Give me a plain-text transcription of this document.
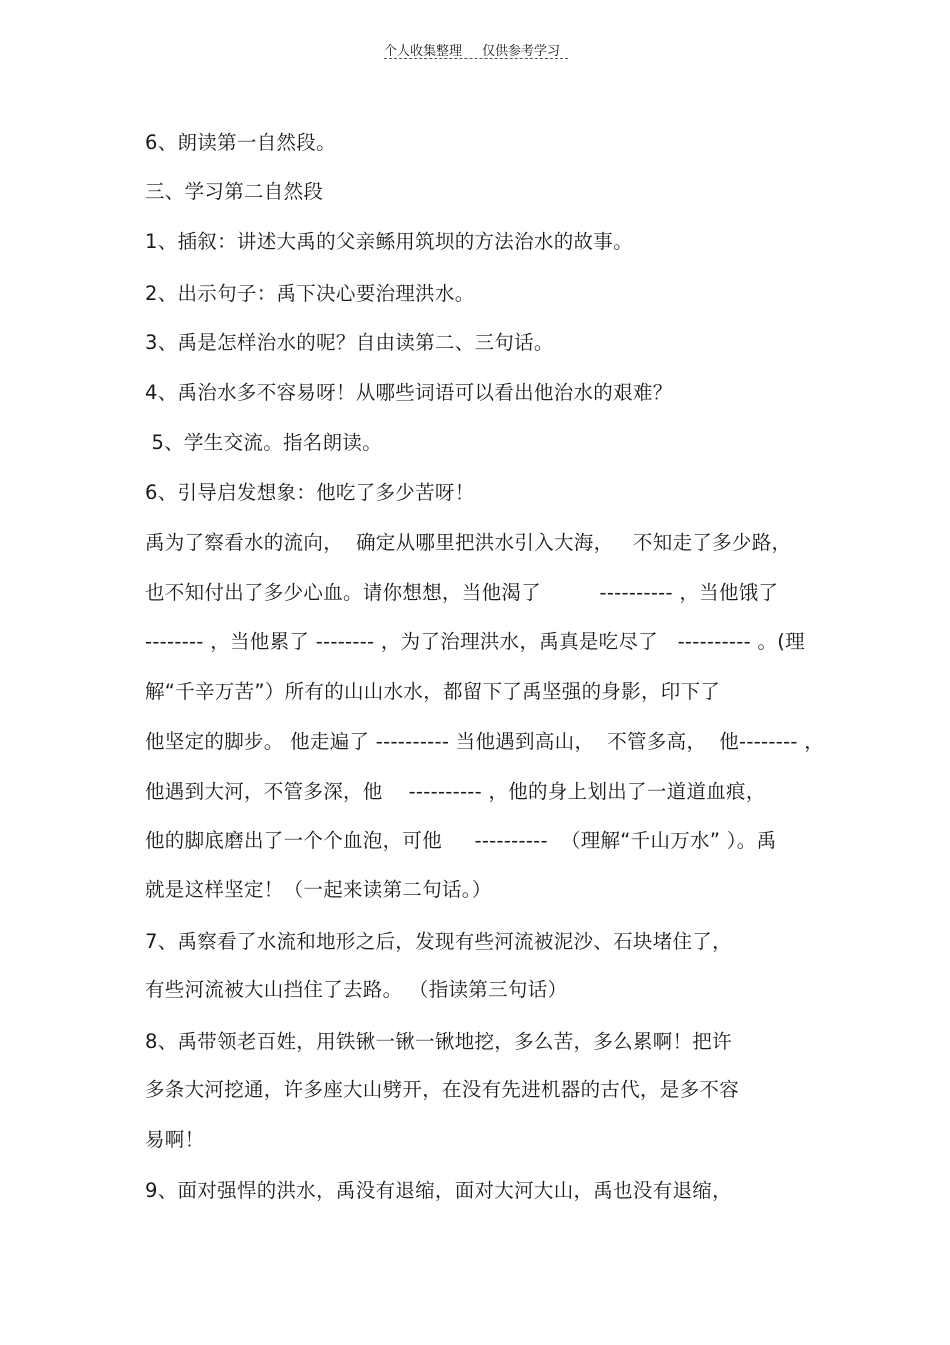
个人收集整理 仅供参考学习
6、朗读第一自然段。
三、学习第二自然段
1、插叙：讲述大禹的父亲鲧用筑坝的方法治水的故事。
2、出示句子：禹下决心要治理洪水。
3、禹是怎样治水的呢？自由读第二、三句话。
4、禹治水多不容易呀！从哪些词语可以看出他治水的艰难？
5、学生交流。指名朗读。
6、引导启发想象：他吃了多少苦呀！
禹为了察看水的流向，  确定从哪里把洪水引入大海，   不知走了多少路，
也不知付出了多少心血。请你想想，当他渴了         ---------- ，当他饿了
-------- ，当他累了 -------- ，为了治理洪水，禹真是吃尽了   ---------- 。(理
解“千辛万苦”）所有的山山水水，都留下了禹坚强的身影，印下了
他坚定的脚步。 他走遍了 ---------- 当他遇到高山，  不管多高，  他-------- ，
他遇到大河，不管多深，他    ---------- ，他的身上划出了一道道血痕，
他的脚底磨出了一个个血泡，可他     ----------  （理解“千山万水” ）。禹
就是这样坚定！（一起来读第二句话。）
7、禹察看了水流和地形之后，发现有些河流被泥沙、石块堵住了，
有些河流被大山挡住了去路。 （指读第三句话）
8、禹带领老百姓，用铁锹一锹一锹地挖，多么苦，多么累啊！把许
多条大河挖通，许多座大山劈开，在没有先进机器的古代，是多不容
易啊！
9、面对强悍的洪水，禹没有退缩，面对大河大山，禹也没有退缩，
